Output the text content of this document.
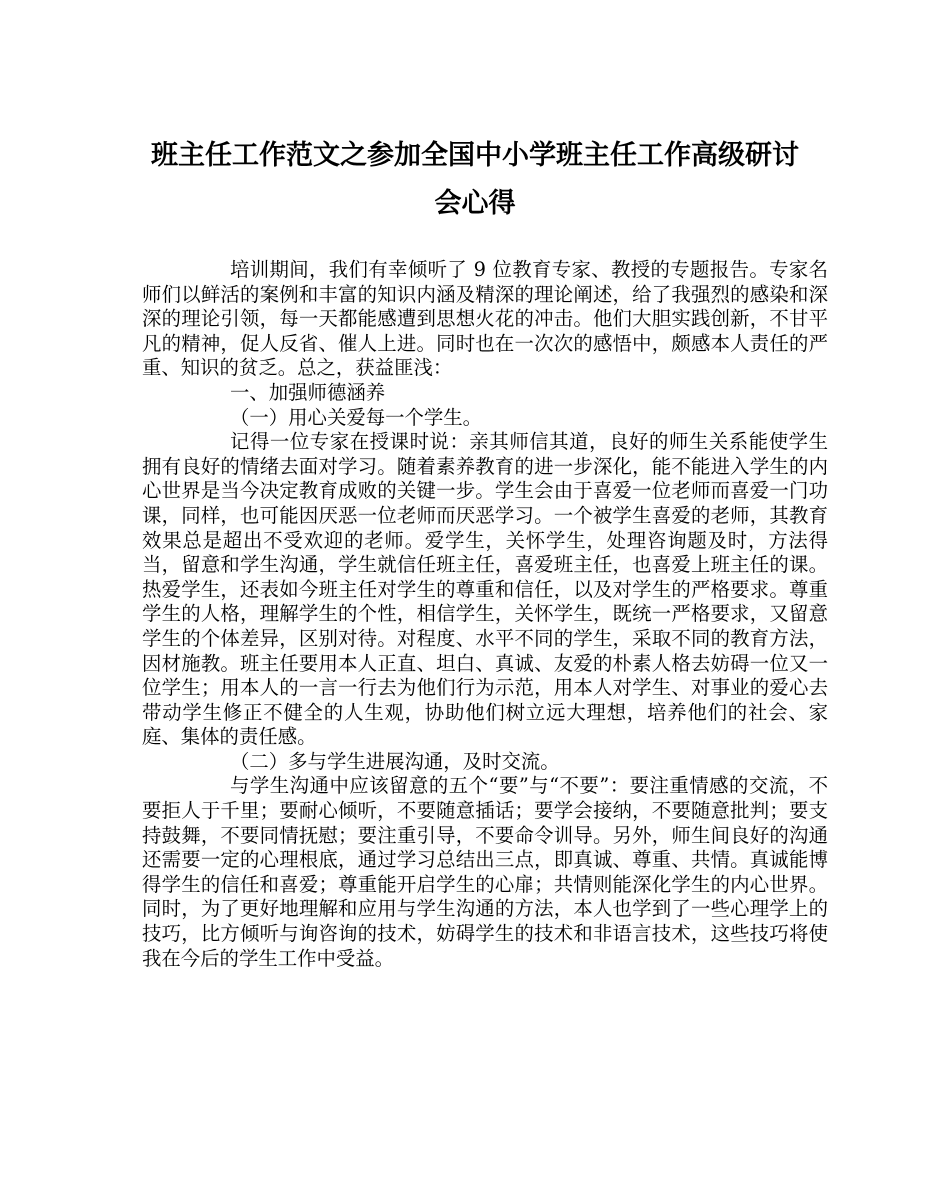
班主任工作范文之参加全国中小学班主任工作高级研讨
会心得

培训期间，我们有幸倾听了 9 位教育专家、教授的专题报告。专家名师们以鲜活的案例和丰富的知识内涵及精深的理论阐述，给了我强烈的感染和深深的理论引领，每一天都能感遭到思想火花的冲击。他们大胆实践创新，不甘平凡的精神，促人反省、催人上进。同时也在一次次的感悟中，颇感本人责任的严重、知识的贫乏。总之，获益匪浅：

一、加强师德涵养

（一）用心关爱每一个学生。

记得一位专家在授课时说：亲其师信其道，良好的师生关系能使学生拥有良好的情绪去面对学习。随着素养教育的进一步深化，能不能进入学生的内心世界是当今决定教育成败的关键一步。学生会由于喜爱一位老师而喜爱一门功课，同样，也可能因厌恶一位老师而厌恶学习。一个被学生喜爱的老师，其教育效果总是超出不受欢迎的老师。爱学生，关怀学生，处理咨询题及时，方法得当，留意和学生沟通，学生就信任班主任，喜爱班主任，也喜爱上班主任的课。热爱学生，还表如今班主任对学生的尊重和信任，以及对学生的严格要求。尊重学生的人格，理解学生的个性，相信学生，关怀学生，既统一严格要求，又留意学生的个体差异，区别对待。对程度、水平不同的学生，采取不同的教育方法，因材施教。班主任要用本人正直、坦白、真诚、友爱的朴素人格去妨碍一位又一位学生；用本人的一言一行去为他们行为示范，用本人对学生、对事业的爱心去带动学生修正不健全的人生观，协助他们树立远大理想，培养他们的社会、家庭、集体的责任感。

（二）多与学生进展沟通，及时交流。

与学生沟通中应该留意的五个“要”与“不要”：要注重情感的交流，不要拒人于千里；要耐心倾听，不要随意插话；要学会接纳，不要随意批判；要支持鼓舞，不要同情抚慰；要注重引导，不要命令训导。另外，师生间良好的沟通还需要一定的心理根底，通过学习总结出三点，即真诚、尊重、共情。真诚能博得学生的信任和喜爱；尊重能开启学生的心扉；共情则能深化学生的内心世界。同时，为了更好地理解和应用与学生沟通的方法，本人也学到了一些心理学上的技巧，比方倾听与询咨询的技术，妨碍学生的技术和非语言技术，这些技巧将使我在今后的学生工作中受益。
